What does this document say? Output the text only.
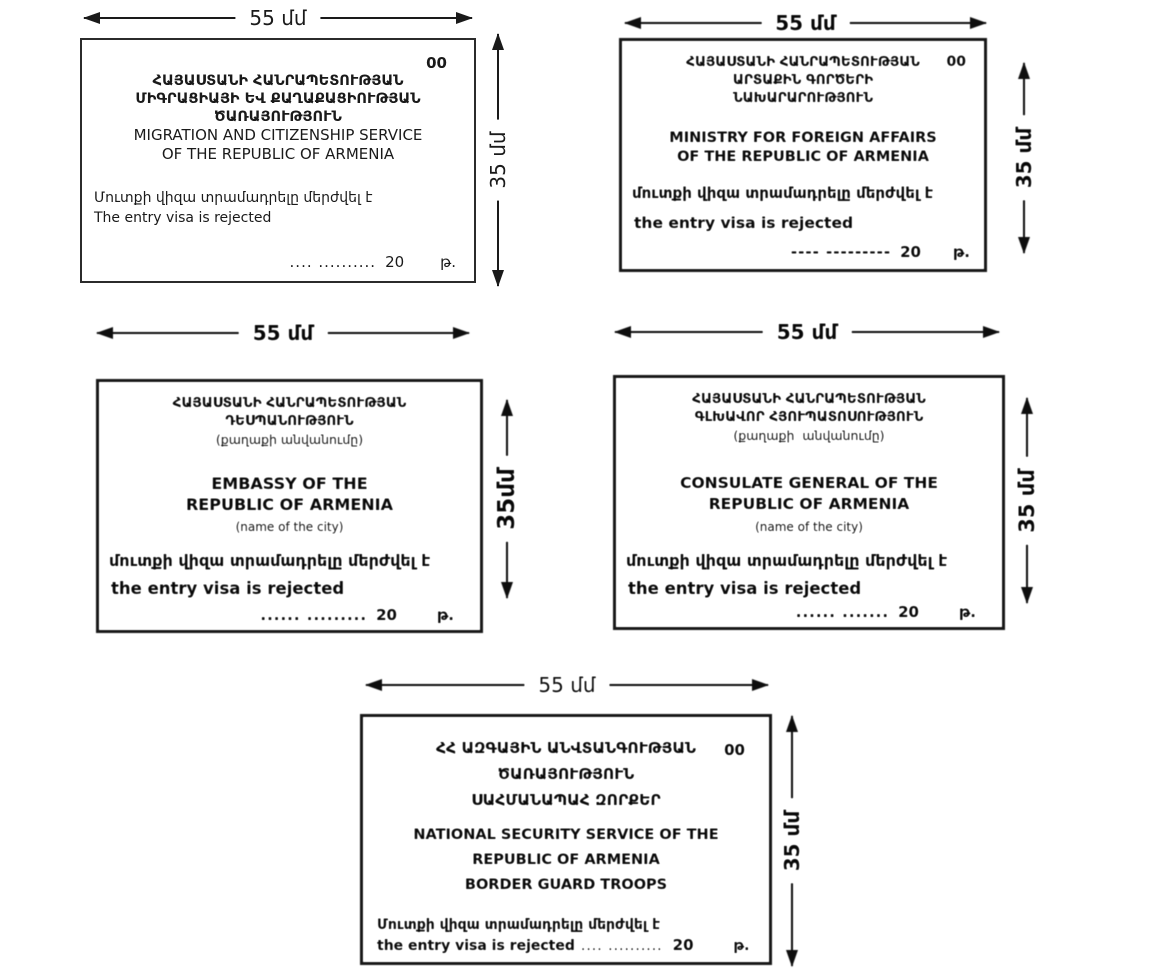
55 մմ
00
ՀԱՅԱՍՏԱՆԻ ՀԱՆՐԱՊԵՏՈՒԹՅԱՆ
ՄԻԳՐԱՑԻԱՅԻ ԵՎ ՔԱՂԱՔԱՑԻՈՒԹՅԱՆ
ԾԱՌԱՅՈՒԹՅՈՒՆ
MIGRATION AND CITIZENSHIP SERVICE
OF THE REPUBLIC OF ARMENIA
Մուտքի վիզա տրամադրելը մերժվել է
The entry visa is rejected
.... .......... 20 թ.
35 մմ
55 մմ
ՀԱՅԱՍՏԱՆԻ ՀԱՆՐԱՊԵՏՈՒԹՅԱՆ 00
ԱՐՏԱՔԻՆ ԳՈՐԾԵՐԻ
ՆԱԽԱՐԱՐՈՒԹՅՈՒՆ
MINISTRY FOR FOREIGN AFFAIRS
OF THE REPUBLIC OF ARMENIA
մուտքի վիզա տրամադրելը մերժվել է
the entry visa is rejected
---- --------- 20 թ.
35 մմ
55 մմ
ՀԱՅԱՍՏԱՆԻ ՀԱՆՐԱՊԵՏՈՒԹՅԱՆ
ԴԵՍՊԱՆՈՒԹՅՈՒՆ
(քաղաքի անվանումը)
EMBASSY OF THE
REPUBLIC OF ARMENIA
(name of the city)
մուտքի վիզա տրամադրելը մերժվել է
the entry visa is rejected
...... ......... 20	թ.
35մմ
55 մմ
ՀԱՅԱՍՏԱՆԻ ՀԱՆՐԱՊԵՏՈՒԹՅԱՆ
ԳԼԽԱՎՈՐ ՀՅՈՒՊԱՏՈՍՈՒԹՅՈՒՆ
(քաղաքի  անվանումը)
CONSULATE GENERAL OF THE
REPUBLIC OF ARMENIA
(name of the city)
մուտքի վիզա տրամադրելը մերժվել է
the entry visa is rejected
...... ....... 20	թ.
35 մմ
55 մմ
ՀՀ ԱԶԳԱՅԻՆ ԱՆՎՏԱՆԳՈՒԹՅԱՆ 00
ԾԱՌԱՅՈՒԹՅՈՒՆ
ՍԱՀՄԱՆԱՊԱՀ ԶՈՐՔԵՐ
NATIONAL SECURITY SERVICE OF THE
REPUBLIC OF ARMENIA
BORDER GUARD TROOPS
Մուտքի վիզա տրամադրելը մերժվել է
the entry visa is rejected .... .......... 20	թ.
35 մմ
